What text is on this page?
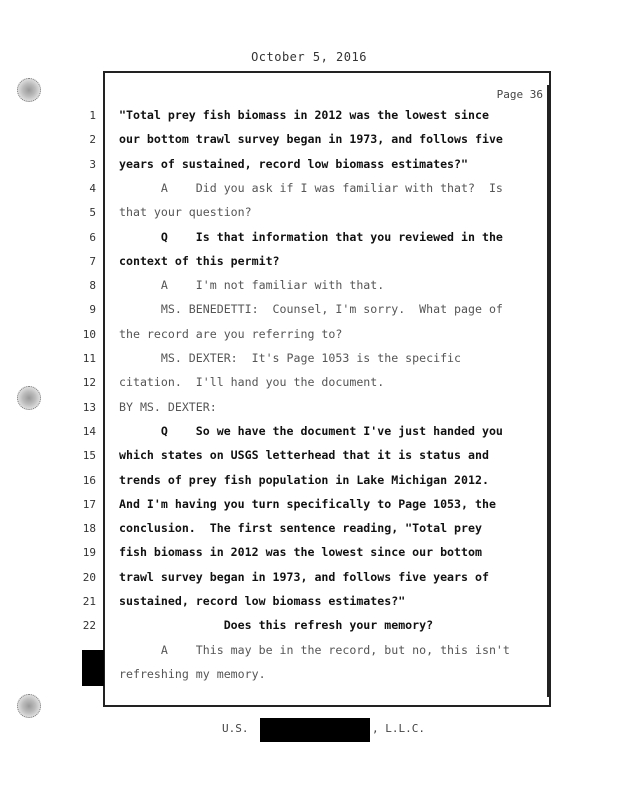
October 5, 2016
Page 36
1 "Total prey fish biomass in 2012 was the lowest since
2 our bottom trawl survey began in 1973, and follows five
3 years of sustained, record low biomass estimates?"
4 A    Did you ask if I was familiar with that?  Is
5 that your question?
6 Q    Is that information that you reviewed in the
7 context of this permit?
8 A    I'm not familiar with that.
9 MS. BENEDETTI:  Counsel, I'm sorry.  What page of
10 the record are you referring to?
11 MS. DEXTER:  It's Page 1053 is the specific
12 citation.  I'll hand you the document.
13 BY MS. DEXTER:
14 Q    So we have the document I've just handed you
15 which states on USGS letterhead that it is status and
16 trends of prey fish population in Lake Michigan 2012.
17 And I'm having you turn specifically to Page 1053, the
18 conclusion.  The first sentence reading, "Total prey
19 fish biomass in 2012 was the lowest since our bottom
20 trawl survey began in 1973, and follows five years of
21 sustained, record low biomass estimates?"
22 Does this refresh your memory?
A    This may be in the record, but no, this isn't
refreshing my memory.
U.S.	, L.L.C.
